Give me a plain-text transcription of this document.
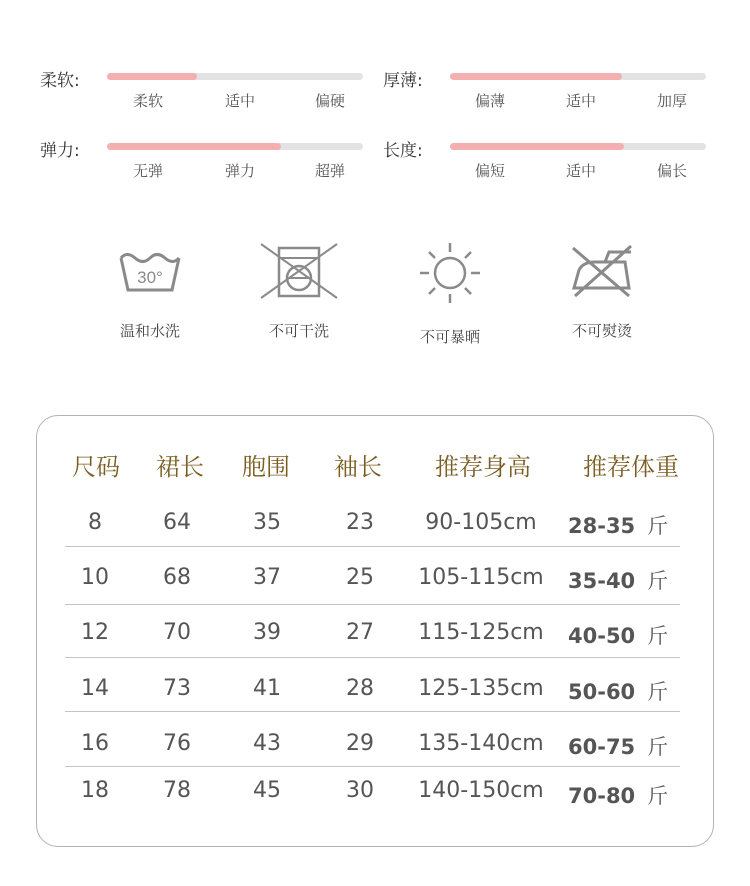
柔软:
柔软	适中	偏硬
厚薄:
偏薄	适中	加厚
弹力:
无弹	弹力	超弹
长度:
偏短	适中	偏长
30°
温和水洗	不可干洗	不可暴晒	不可熨烫
尺码 裙长 胞围 袖长 推荐身高 推荐体重
8	64	35	23 90-105cm 28-35 斤
10 68	37	25 105-115cm 35-40 斤
12 70	39	27 115-125cm 40-50 斤
14 73	41	28 125-135cm 50-60 斤
16 76	43	29 135-140cm 60-75 斤
18 78	45	30 140-150cm 70-80 斤
